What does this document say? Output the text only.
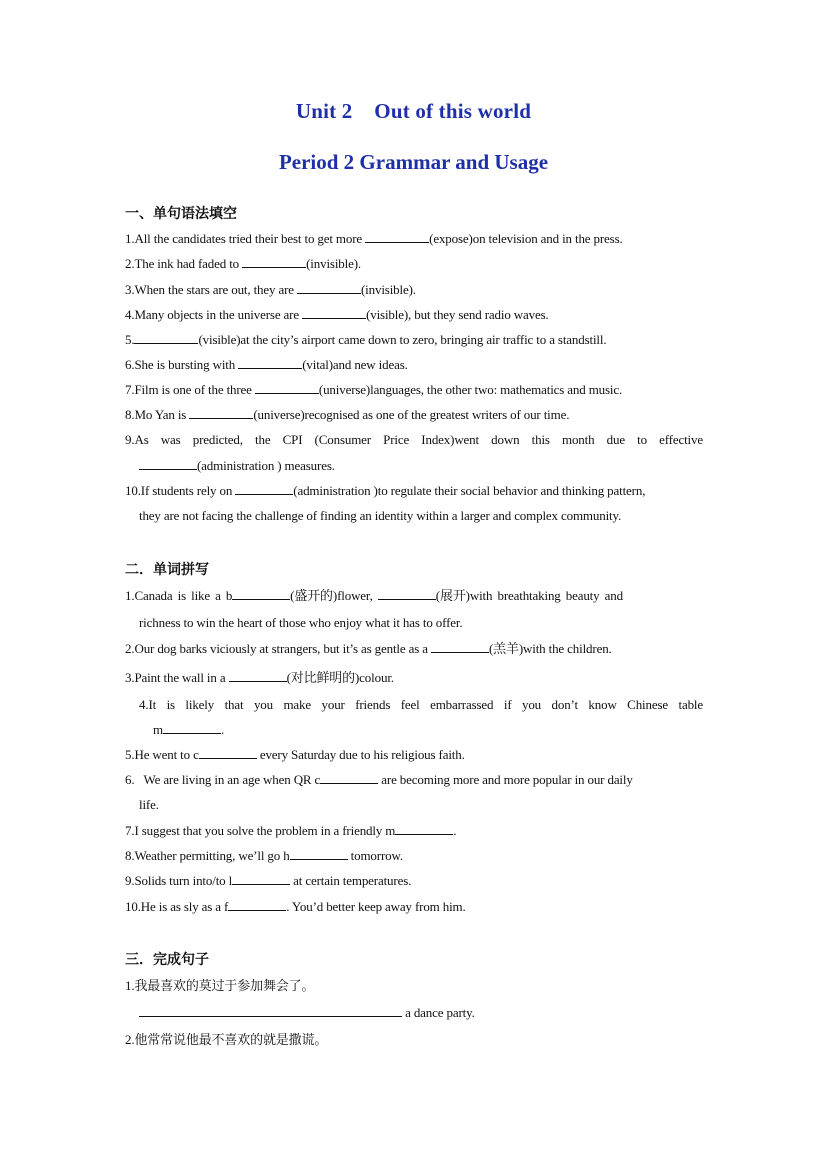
Unit 2    Out of this world
Period 2 Grammar and Usage
一、单句语法填空
1.All the candidates tried their best to get more	(expose)on television and in the press.
2.The ink had faded to	(invisible).
3.When the stars are out, they are	(invisible).
4.Many objects in the universe are	(visible), but they send radio waves.
5.	(visible)at the city’s airport came down to zero, bringing air traffic to a standstill.
6.She is bursting with	(vital)and new ideas.
7.Film is one of the three	(universe)languages, the other two: mathematics and music.
8.Mo Yan is	(universe)recognised as one of the greatest writers of our time.
9.As was predicted, the CPI (Consumer Price Index)went down this month due to effective
(administration ) measures.
10.If students rely on	(administration )to regulate their social behavior and thinking pattern,
they are not facing the challenge of finding an identity within a larger and complex community.
二．单词拼写
1.Canada is like a b	(盛开的)flower,	(展开)with breathtaking beauty and
richness to win the heart of those who enjoy what it has to offer.
2.Our dog barks viciously at strangers, but it’s as gentle as a	(羔羊)with the children.
3.Paint the wall in a	(对比鲜明的)colour.
4.It is likely that you make your friends feel embarrassed if you don’t know Chinese table
m	.
5.He went to c	every Saturday due to his religious faith.
6.   We are living in an age when QR c	are becoming more and more popular in our daily
life.
7.I suggest that you solve the problem in a friendly m	.
8.Weather permitting, we’ll go h	tomorrow.
9.Solids turn into/to l	at certain temperatures.
10.He is as sly as a f	. You’d better keep away from him.
三．完成句子
1.我最喜欢的莫过于参加舞会了。
a dance party.
2.他常常说他最不喜欢的就是撒谎。
